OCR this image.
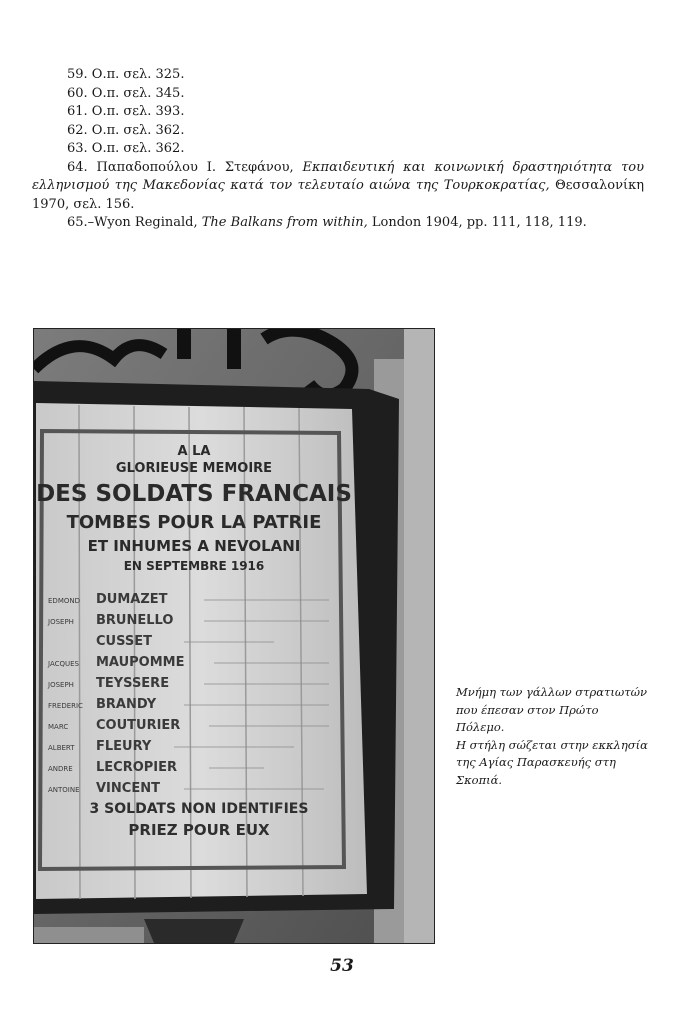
59. Ο.π. σελ. 325.

60. Ο.π. σελ. 345.

61. Ο.π. σελ. 393.

62. Ο.π. σελ. 362.

63. Ο.π. σελ. 362.

64. Παπαδοπούλου Ι. Στεφάνου, Εκπαιδευτική και κοινωνική δραστηριότητα του ελληνισμού της Μακεδονίας κατά τον τελευταίο αιώνα της Τουρκοκρατίας, Θεσσαλονίκη 1970, σελ. 156.

65.–Wyon Reginald, The Balkans from within, London 1904, pp. 111, 118, 119.

A LA
GLORIEUSE MEMOIRE
DES SOLDATS FRANCAIS
TOMBES POUR LA PATRIE
ET INHUMES A NEVOLANI
EN SEPTEMBRE 1916
EDMOND DUMAZET
JOSEPH BRUNELLO
CUSSET
JACQUES MAUPOMME
JOSEPH TEYSSERE
FREDERIC BRANDY
MARC COUTURIER
ALBERT FLEURY
ANDRE LECROPIER
ANTOINE VINCENT
3 SOLDATS NON IDENTIFIES
PRIEZ POUR EUX

Μνήμη των γάλλων στρατιωτών

που έπεσαν στον Πρώτο

Πόλεμο.

Η στήλη σώζεται στην εκκλησία

της Αγίας Παρασκευής στη

Σκοπιά.

53
